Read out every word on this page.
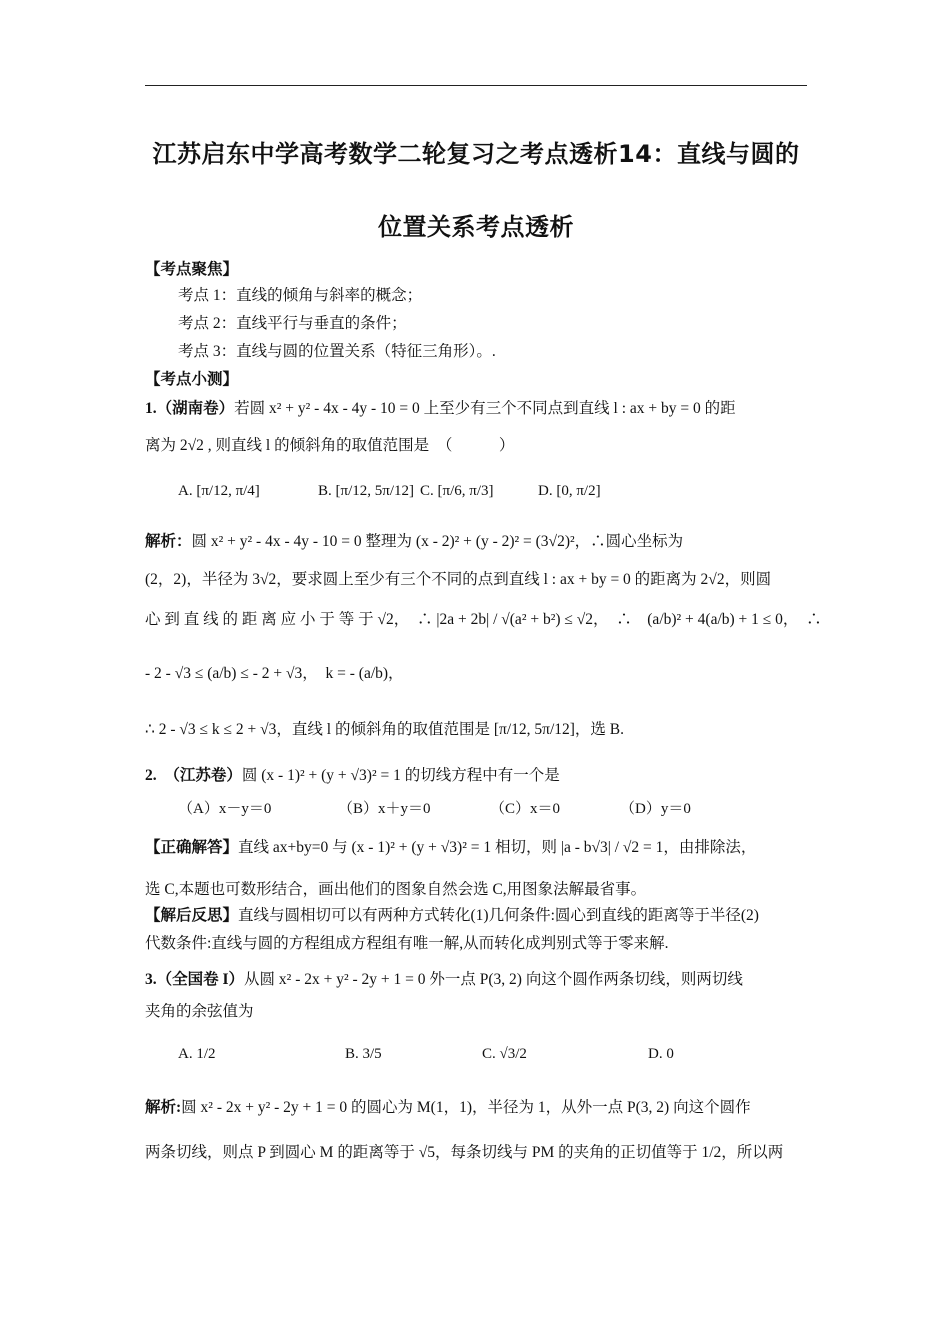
江苏启东中学高考数学二轮复习之考点透析14：直线与圆的
位置关系考点透析
【考点聚焦】
考点 1：直线的倾角与斜率的概念；
考点 2：直线平行与垂直的条件；
考点 3：直线与圆的位置关系（特征三角形）。.
【考点小测】
1.（湖南卷）若圆 x² + y² - 4x - 4y - 10 = 0 上至少有三个不同点到直线 l : ax + by = 0 的距
离为 2√2 , 则直线 l 的倾斜角的取值范围是　（　　　）
A. [π/12, π/4]	B. [π/12, 5π/12] C. [π/6, π/3]	D. [0, π/2]
解析：圆 x² + y² - 4x - 4y - 10 = 0 整理为 (x - 2)² + (y - 2)² = (3√2)²，∴圆心坐标为
(2，2)，半径为 3√2，要求圆上至少有三个不同的点到直线 l : ax + by = 0 的距离为 2√2，则圆
心 到 直 线 的 距 离 应 小 于 等 于 √2，　∴ |2a + 2b| / √(a² + b²) ≤ √2，　∴　(a/b)² + 4(a/b) + 1 ≤ 0，　∴
- 2 - √3 ≤ (a/b) ≤ - 2 + √3，　k = - (a/b)，
∴ 2 - √3 ≤ k ≤ 2 + √3，直线 l 的倾斜角的取值范围是 [π/12, 5π/12]，选 B.
2.　（江苏卷）圆 (x - 1)² + (y + √3)² = 1 的切线方程中有一个是
（A）x－y＝0	（B）x＋y＝0	（C）x＝0	（D）y＝0
【正确解答】直线 ax+by=0 与 (x - 1)² + (y + √3)² = 1 相切，则 |a - b√3| / √2 = 1，由排除法，
选 C,本题也可数形结合，画出他们的图象自然会选 C,用图象法解最省事。
【解后反思】直线与圆相切可以有两种方式转化(1)几何条件:圆心到直线的距离等于半径(2)
代数条件:直线与圆的方程组成方程组有唯一解,从而转化成判别式等于零来解.
3.（全国卷 I）从圆 x² - 2x + y² - 2y + 1 = 0 外一点 P(3, 2) 向这个圆作两条切线，则两切线
夹角的余弦值为
A. 1/2	B. 3/5	C. √3/2	D. 0
解析:圆 x² - 2x + y² - 2y + 1 = 0 的圆心为 M(1，1)，半径为 1，从外一点 P(3, 2) 向这个圆作
两条切线，则点 P 到圆心 M 的距离等于 √5，每条切线与 PM 的夹角的正切值等于 1/2，所以两
